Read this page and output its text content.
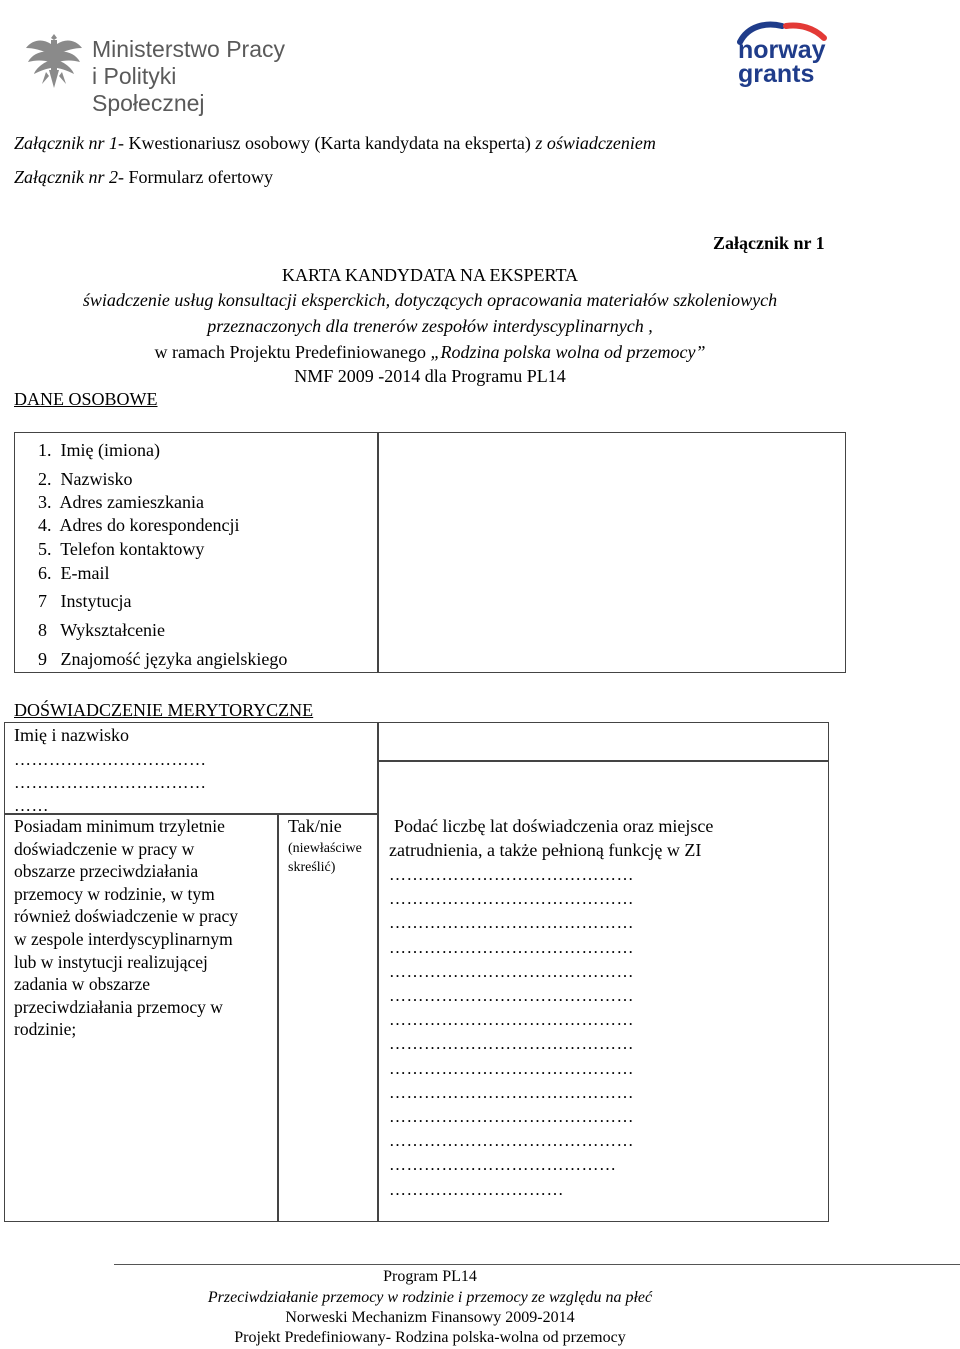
Ministerstwo Pracy
i Polityki Społecznej
norway
grants
Załącznik nr 1- Kwestionariusz osobowy (Karta kandydata na eksperta) z oświadczeniem
Załącznik nr 2- Formularz ofertowy
Załącznik nr 1
KARTA KANDYDATA NA EKSPERTA
świadczenie usług konsultacji eksperckich, dotyczących opracowania materiałów szkoleniowych
przeznaczonych dla trenerów zespołów interdyscyplinarnych ,
w ramach Projektu Predefiniowanego „Rodzina polska wolna od przemocy”
NMF 2009 -2014 dla Programu PL14
DANE OSOBOWE
1. Imię (imiona)
2. Nazwisko
3. Adres zamieszkania
4. Adres do korespondencji
5. Telefon kontaktowy
6. E-mail
7 Instytucja
8 Wykształcenie
9 Znajomość języka angielskiego
DOŚWIADCZENIE MERYTORYCZNE
Imię i nazwisko
……………………………
……………………………
……
Posiadam minimum trzyletnie
doświadczenie w pracy w
obszarze przeciwdziałania
przemocy w rodzinie, w tym
również doświadczenie w pracy
w zespole interdyscyplinarnym
lub w instytucji realizującej
zadania w obszarze
przeciwdziałania przemocy w
rodzinie;
Tak/nie
(niewłaściwe
skreślić)
Podać liczbę lat doświadczenia oraz miejsce
zatrudnienia, a także pełnioną funkcję w ZI
……………………………………
……………………………………
……………………………………
……………………………………
……………………………………
……………………………………
……………………………………
……………………………………
……………………………………
……………………………………
……………………………………
……………………………………
…………………………………
…………………………
Program PL14
Przeciwdziałanie przemocy w rodzinie i przemocy ze względu na płeć
Norweski Mechanizm Finansowy 2009-2014
Projekt Predefiniowany- Rodzina polska-wolna od przemocy
